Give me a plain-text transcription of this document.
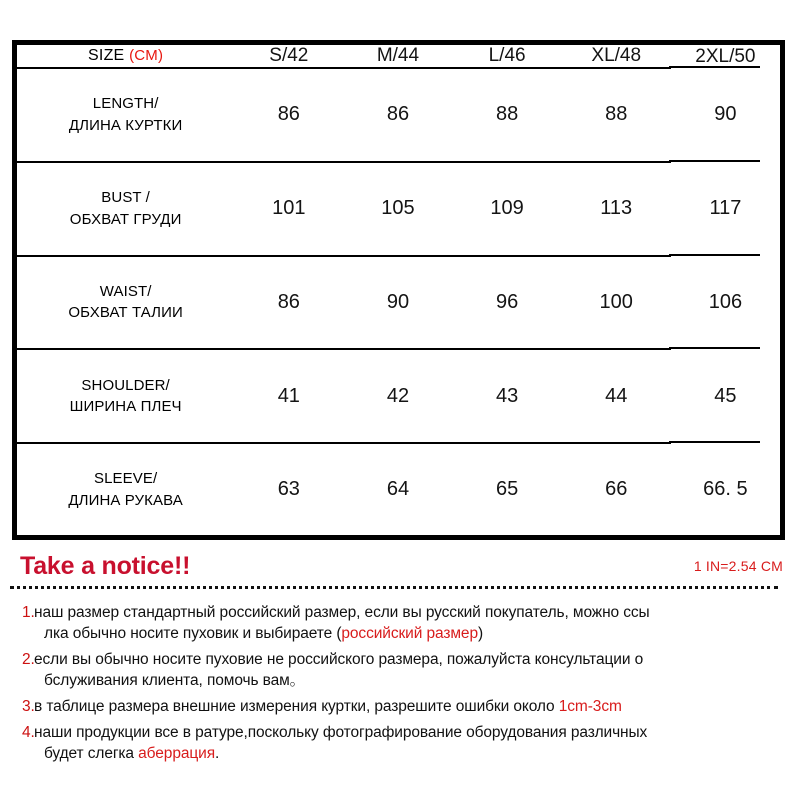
SIZE (CM)	S/42	M/44	L/46	XL/48	2XL/50
LENGTH/
ДЛИНА КУРТКИ	86	86	88	88	90
BUST /
ОБХВАТ ГРУДИ	101	105	109	113	117
WAIST/
ОБХВАТ ТАЛИИ	86	90	96	100	106
SHOULDER/
ШИРИНА ПЛЕЧ	41	42	43	44	45
SLEEVE/
ДЛИНА РУКАВА	63	64	65	66	66. 5
Take a notice!!	1 IN=2.54 CM
1. наш размер стандартный российский размер, если вы русский покупатель, можно ссы
лка обычно носите пуховик и выбираете (российский размер)
2. если вы обычно носите пуховие не российского размера, пожалуйста консультации о
бслуживания клиента, помочь вам。
3. в таблице размера внешние измерения куртки, разрешите ошибки около 1cm-3cm
4. наши продукции все в ратуре,поскольку фотографирование оборудования различных
будет слегка аберрация.
